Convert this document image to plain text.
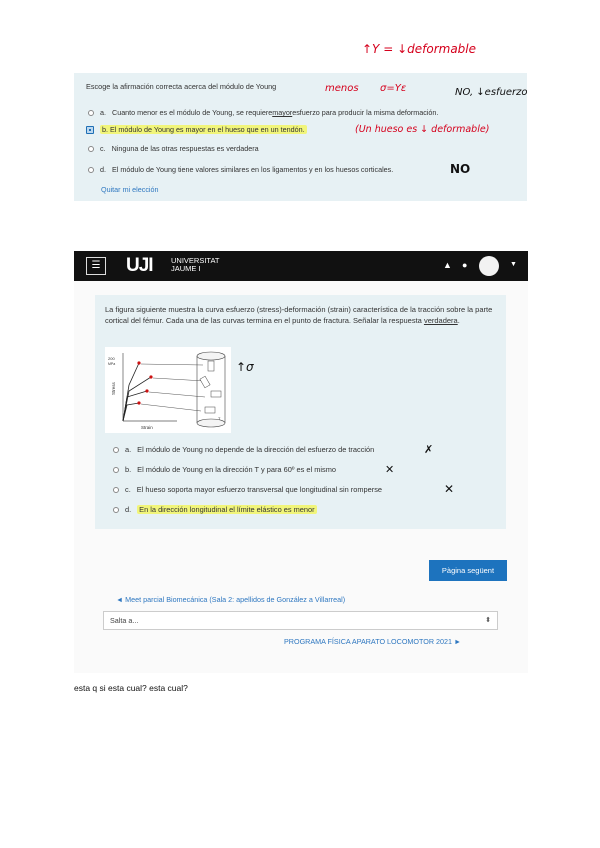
↑Y = ↓deformable
Escoge la afirmación correcta acerca del módulo de Young
a. Cuanto menor es el módulo de Young, se requiere mayor esfuerzo para producir la misma deformación.
b. El módulo de Young es mayor en el hueso que en un tendón.
c. Ninguna de las otras respuestas es verdadera
d. El módulo de Young tiene valores similares en los ligamentos y en los huesos corticales.
Quitar mi elección
menos σ=Yε	NO, ↓esfuerzo
(Un hueso es ↓ deformable)
NO
☰ UJI UNIVERSITAT
JAUME I	▲ ●	▼
La figura siguiente muestra la curva esfuerzo (stress)-deformación (strain) característica de la tracción sobre la parte cortical del fémur. Cada una de las curvas termina en el punto de fractura. Señalar la respuesta verdadera.
200
MPa
Stress
Strain
T
a. El módulo de Young no depende de la dirección del esfuerzo de tracción
b. El módulo de Young en la dirección T y para 60º es el mismo
c. El hueso soporta mayor esfuerzo transversal que longitudinal sin romperse
d. En la dirección longitudinal el límite elástico es menor
Pàgina següent
◄ Meet parcial Biomecánica (Sala 2: apellidos de González a Villarreal)
Salta a...	⬍
PROGRAMA FÍSICA APARATO LOCOMOTOR 2021 ►
↑σ
✗
✕
✕
esta q si esta cual? esta cual?
